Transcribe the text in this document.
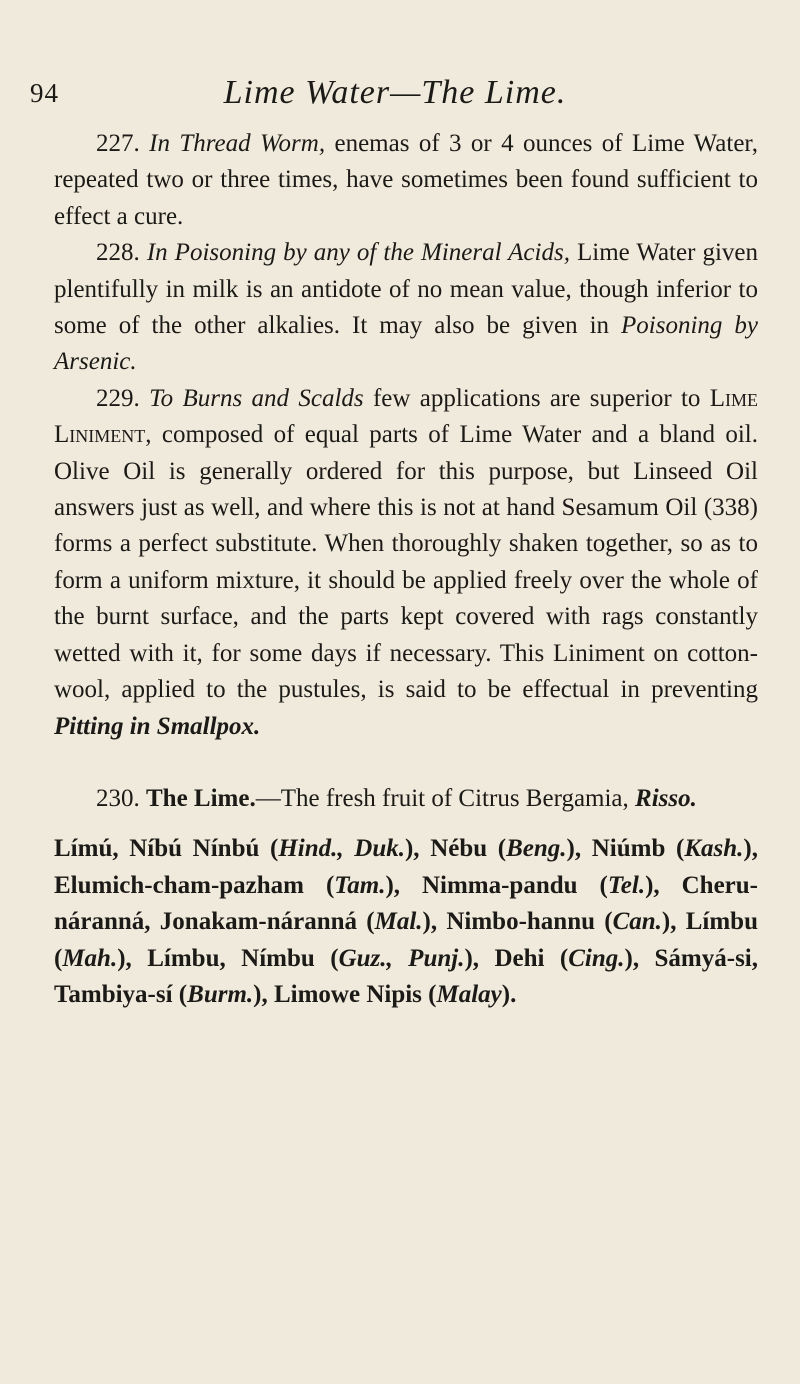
94	Lime Water—The Lime.

227. In Thread Worm, enemas of 3 or 4 ounces of Lime Water, repeated two or three times, have sometimes been found sufficient to effect a cure.

228. In Poisoning by any of the Mineral Acids, Lime Water given plentifully in milk is an antidote of no mean value, though inferior to some of the other alkalies. It may also be given in Poisoning by Arsenic.

229. To Burns and Scalds few applications are superior to Lime Liniment, composed of equal parts of Lime Water and a bland oil. Olive Oil is generally ordered for this purpose, but Linseed Oil answers just as well, and where this is not at hand Sesamum Oil (338) forms a perfect substitute. When thoroughly shaken together, so as to form a uniform mixture, it should be applied freely over the whole of the burnt surface, and the parts kept covered with rags constantly wetted with it, for some days if necessary. This Liniment on cotton-wool, applied to the pustules, is said to be effectual in preventing Pitting in Smallpox.

230. The Lime.—The fresh fruit of Citrus Bergamia, Risso.

Límú, Níbú Nínbú (Hind., Duk.), Nébu (Beng.), Niúmb (Kash.), Elumich-cham-pazham (Tam.), Nimma-pandu (Tel.), Cheru-náranná, Jonakam-náranná (Mal.), Nimbo-hannu (Can.), Límbu (Mah.), Límbu, Nímbu (Guz., Punj.), Dehi (Cing.), Sámyá-si, Tambiya-sí (Burm.), Limowe Nipis (Malay).
